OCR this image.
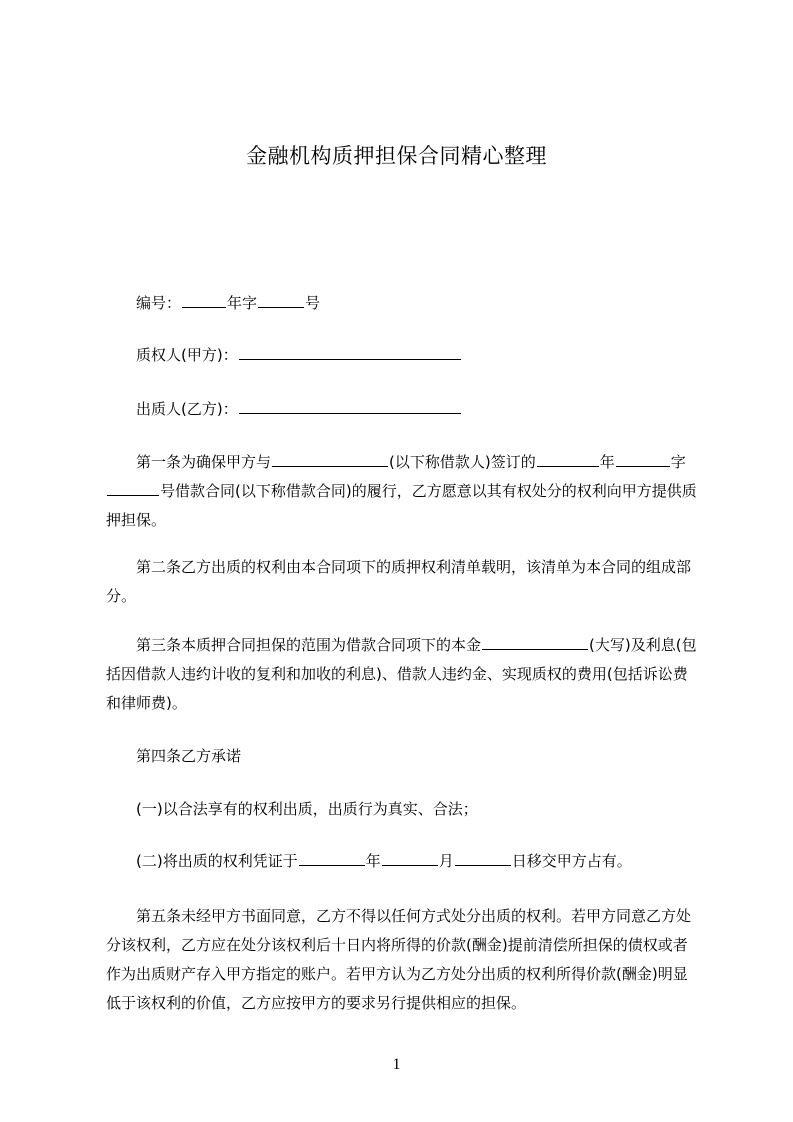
金融机构质押担保合同精心整理
编号：	年字	号
质权人(甲方)：
出质人(乙方)：
第一条为确保甲方与	(以下称借款人)签订的	年	字号借款合同(以下称借款合同)的履行，乙方愿意以其有权处分的权利向甲方提供质押担保。
第二条乙方出质的权利由本合同项下的质押权利清单载明，该清单为本合同的组成部分。
第三条本质押合同担保的范围为借款合同项下的本金	(大写)及利息(包括因借款人违约计收的复利和加收的利息)、借款人违约金、实现质权的费用(包括诉讼费和律师费)。
第四条乙方承诺
(一)以合法享有的权利出质，出质行为真实、合法；
(二)将出质的权利凭证于	年	月	日移交甲方占有。
第五条未经甲方书面同意，乙方不得以任何方式处分出质的权利。若甲方同意乙方处分该权利，乙方应在处分该权利后十日内将所得的价款(酬金)提前清偿所担保的债权或者作为出质财产存入甲方指定的账户。若甲方认为乙方处分出质的权利所得价款(酬金)明显低于该权利的价值，乙方应按甲方的要求另行提供相应的担保。
1
